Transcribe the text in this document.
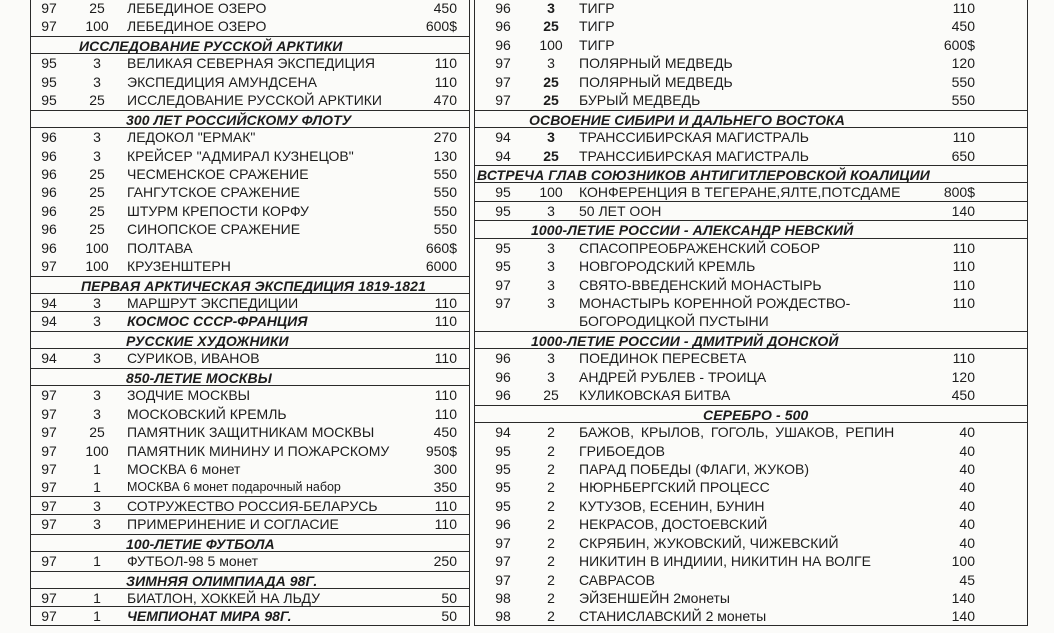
97	25	ЛЕБЕДИНОЕ ОЗЕРО	450
97	100	ЛЕБЕДИНОЕ ОЗЕРО	600$
ИССЛЕДОВАНИЕ РУССКОЙ АРКТИКИ
95	3	ВЕЛИКАЯ СЕВЕРНАЯ ЭКСПЕДИЦИЯ	110
95	3	ЭКСПЕДИЦИЯ АМУНДСЕНА	110
95	25	ИССЛЕДОВАНИЕ РУССКОЙ АРКТИКИ	470
300 ЛЕТ РОССИЙСКОМУ ФЛОТУ
96	3	ЛЕДОКОЛ "ЕРМАК"	270
96	3	КРЕЙСЕР "АДМИРАЛ КУЗНЕЦОВ"	130
96	25	ЧЕСМЕНСКОЕ СРАЖЕНИЕ	550
96	25	ГАНГУТСКОЕ СРАЖЕНИЕ	550
96	25	ШТУРМ КРЕПОСТИ КОРФУ	550
96	25	СИНОПСКОЕ СРАЖЕНИЕ	550
96	100	ПОЛТАВА	660$
97	100	КРУЗЕНШТЕРН	6000
ПЕРВАЯ АРКТИЧЕСКАЯ ЭКСПЕДИЦИЯ 1819-1821
94	3	МАРШРУТ ЭКСПЕДИЦИИ	110
94	3	КОСМОС СССР-ФРАНЦИЯ	110
РУССКИЕ ХУДОЖНИКИ
94	3	СУРИКОВ, ИВАНОВ	110
850-ЛЕТИЕ МОСКВЫ
97	3	ЗОДЧИЕ МОСКВЫ	110
97	3	МОСКОВСКИЙ КРЕМЛЬ	110
97	25	ПАМЯТНИК ЗАЩИТНИКАМ МОСКВЫ	450
97	100	ПАМЯТНИК МИНИНУ И ПОЖАРСКОМУ	950$
97	1	МОСКВА 6 монет	300
97	1	МОСКВА 6 монет подарочный набор	350
97	3	СОТРУЖЕСТВО РОССИЯ-БЕЛАРУСЬ	110
97	3	ПРИМЕРИНЕНИЕ И СОГЛАСИЕ	110
100-ЛЕТИЕ ФУТБОЛА
97	1	ФУТБОЛ-98 5 монет	250
ЗИМНЯЯ ОЛИМПИАДА 98Г.
97	1	БИАТЛОН, ХОККЕЙ НА ЛЬДУ	50
97	1	ЧЕМПИОНАТ МИРА 98Г.	50
96	3	ТИГР	110
96	25	ТИГР	450
96	100	ТИГР	600$
97	3	ПОЛЯРНЫЙ МЕДВЕДЬ	120
97	25	ПОЛЯРНЫЙ МЕДВЕДЬ	550
97	25	БУРЫЙ МЕДВЕДЬ	550
ОСВОЕНИЕ СИБИРИ И ДАЛЬНЕГО ВОСТОКА
94	3	ТРАНССИБИРСКАЯ МАГИСТРАЛЬ	110
94	25	ТРАНССИБИРСКАЯ МАГИСТРАЛЬ	650
ВСТРЕЧА ГЛАВ СОЮЗНИКОВ АНТИГИТЛЕРОВСКОЙ КОАЛИЦИИ
95	100	КОНФЕРЕНЦИЯ В ТЕГЕРАНЕ,ЯЛТЕ,ПОТСДАМЕ	800$
95	3	50 ЛЕТ ООН	140
1000-ЛЕТИЕ РОССИИ - АЛЕКСАНДР НЕВСКИЙ
95	3	СПАСОПРЕОБРАЖЕНСКИЙ СОБОР	110
95	3	НОВГОРОДСКИЙ КРЕМЛЬ	110
97	3	СВЯТО-ВВЕДЕНСКИЙ МОНАСТЫРЬ	110
97	3	МОНАСТЫРЬ КОРЕННОЙ РОЖДЕСТВО-	110
БОГОРОДИЦКОЙ ПУСТЫНИ
1000-ЛЕТИЕ РОССИИ - ДМИТРИЙ ДОНСКОЙ
96	3	ПОЕДИНОК ПЕРЕСВЕТА	110
96	3	АНДРЕЙ РУБЛЕВ - ТРОИЦА	120
96	25	КУЛИКОВСКАЯ БИТВА	450
СЕРЕБРО - 500
94	2	БАЖОВ, КРЫЛОВ, ГОГОЛЬ, УШАКОВ, РЕПИН	40
95	2	ГРИБОЕДОВ	40
95	2	ПАРАД ПОБЕДЫ (ФЛАГИ, ЖУКОВ)	40
95	2	НЮРНБЕРГСКИЙ ПРОЦЕСС	40
95	2	КУТУЗОВ, ЕСЕНИН, БУНИН	40
96	2	НЕКРАСОВ, ДОСТОЕВСКИЙ	40
97	2	СКРЯБИН, ЖУКОВСКИЙ, ЧИЖЕВСКИЙ	40
97	2	НИКИТИН В ИНДИИИ, НИКИТИН НА ВОЛГЕ	100
97	2	САВРАСОВ	45
98	2	ЭЙЗЕНШЕЙН 2монеты	140
98	2	СТАНИСЛАВСКИЙ 2 монеты	140
